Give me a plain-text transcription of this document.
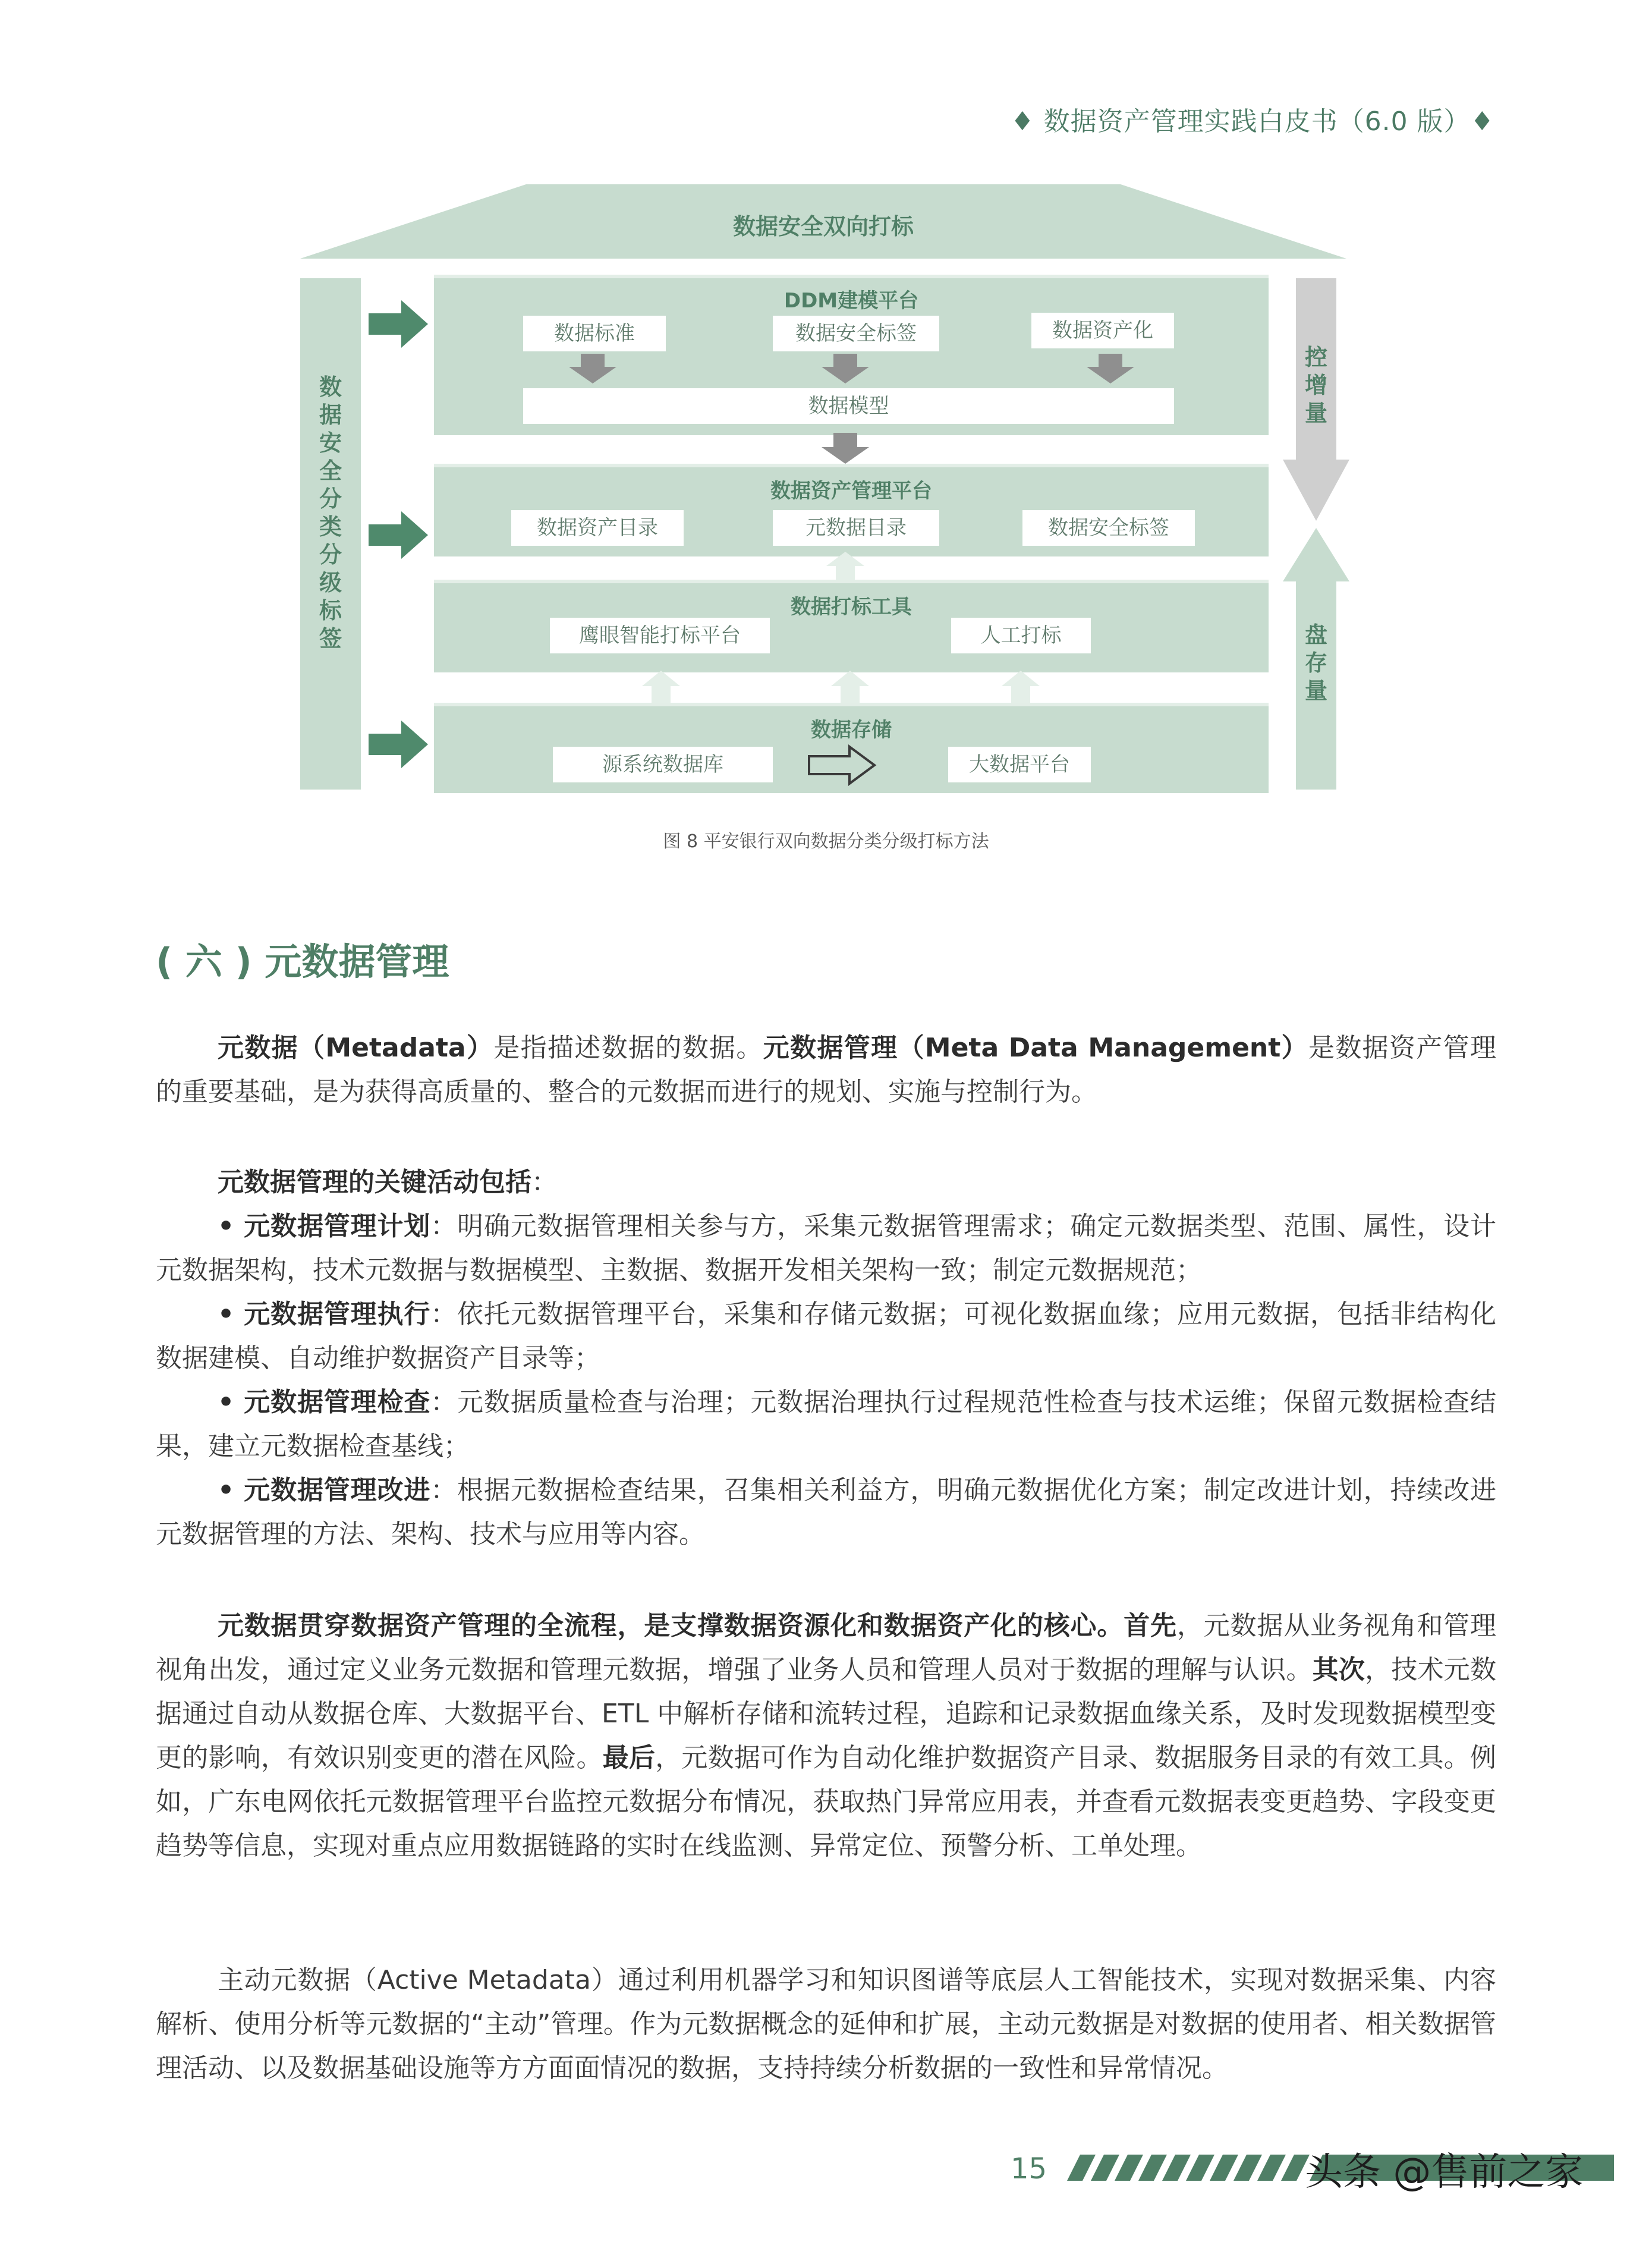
♦ 数据资产管理实践白皮书（6.0 版）♦
数据安全双向打标
数据安全分类分级标签
DDM建模平台
数据标准	数据安全标签	数据资产化
数据模型
数据资产管理平台
数据资产目录	元数据目录	数据安全标签
数据打标工具
鹰眼智能打标平台	人工打标
数据存储
源系统数据库	大数据平台
控增量
盘存量
图 8 平安银行双向数据分类分级打标方法
( 六 ) 元数据管理
元数据（Metadata）是指描述数据的数据。元数据管理（Meta Data Management）是数据资产管理的重要基础，是为获得高质量的、整合的元数据而进行的规划、实施与控制行为。
元数据管理的关键活动包括：
• 元数据管理计划：明确元数据管理相关参与方，采集元数据管理需求；确定元数据类型、范围、属性，设计元数据架构，技术元数据与数据模型、主数据、数据开发相关架构一致；制定元数据规范；
• 元数据管理执行：依托元数据管理平台，采集和存储元数据；可视化数据血缘；应用元数据，包括非结构化数据建模、自动维护数据资产目录等；
• 元数据管理检查：元数据质量检查与治理；元数据治理执行过程规范性检查与技术运维；保留元数据检查结果，建立元数据检查基线；
• 元数据管理改进：根据元数据检查结果，召集相关利益方，明确元数据优化方案；制定改进计划，持续改进元数据管理的方法、架构、技术与应用等内容。
元数据贯穿数据资产管理的全流程，是支撑数据资源化和数据资产化的核心。首先，元数据从业务视角和管理视角出发，通过定义业务元数据和管理元数据，增强了业务人员和管理人员对于数据的理解与认识。其次，技术元数据通过自动从数据仓库、大数据平台、ETL 中解析存储和流转过程，追踪和记录数据血缘关系，及时发现数据模型变更的影响，有效识别变更的潜在风险。最后，元数据可作为自动化维护数据资产目录、数据服务目录的有效工具。例如，广东电网依托元数据管理平台监控元数据分布情况，获取热门异常应用表，并查看元数据表变更趋势、字段变更趋势等信息，实现对重点应用数据链路的实时在线监测、异常定位、预警分析、工单处理。
主动元数据（Active Metadata）通过利用机器学习和知识图谱等底层人工智能技术，实现对数据采集、内容解析、使用分析等元数据的“主动”管理。作为元数据概念的延伸和扩展，主动元数据是对数据的使用者、相关数据管理活动、以及数据基础设施等方方面面情况的数据，支持持续分析数据的一致性和异常情况。
15	头条 @售前之家
